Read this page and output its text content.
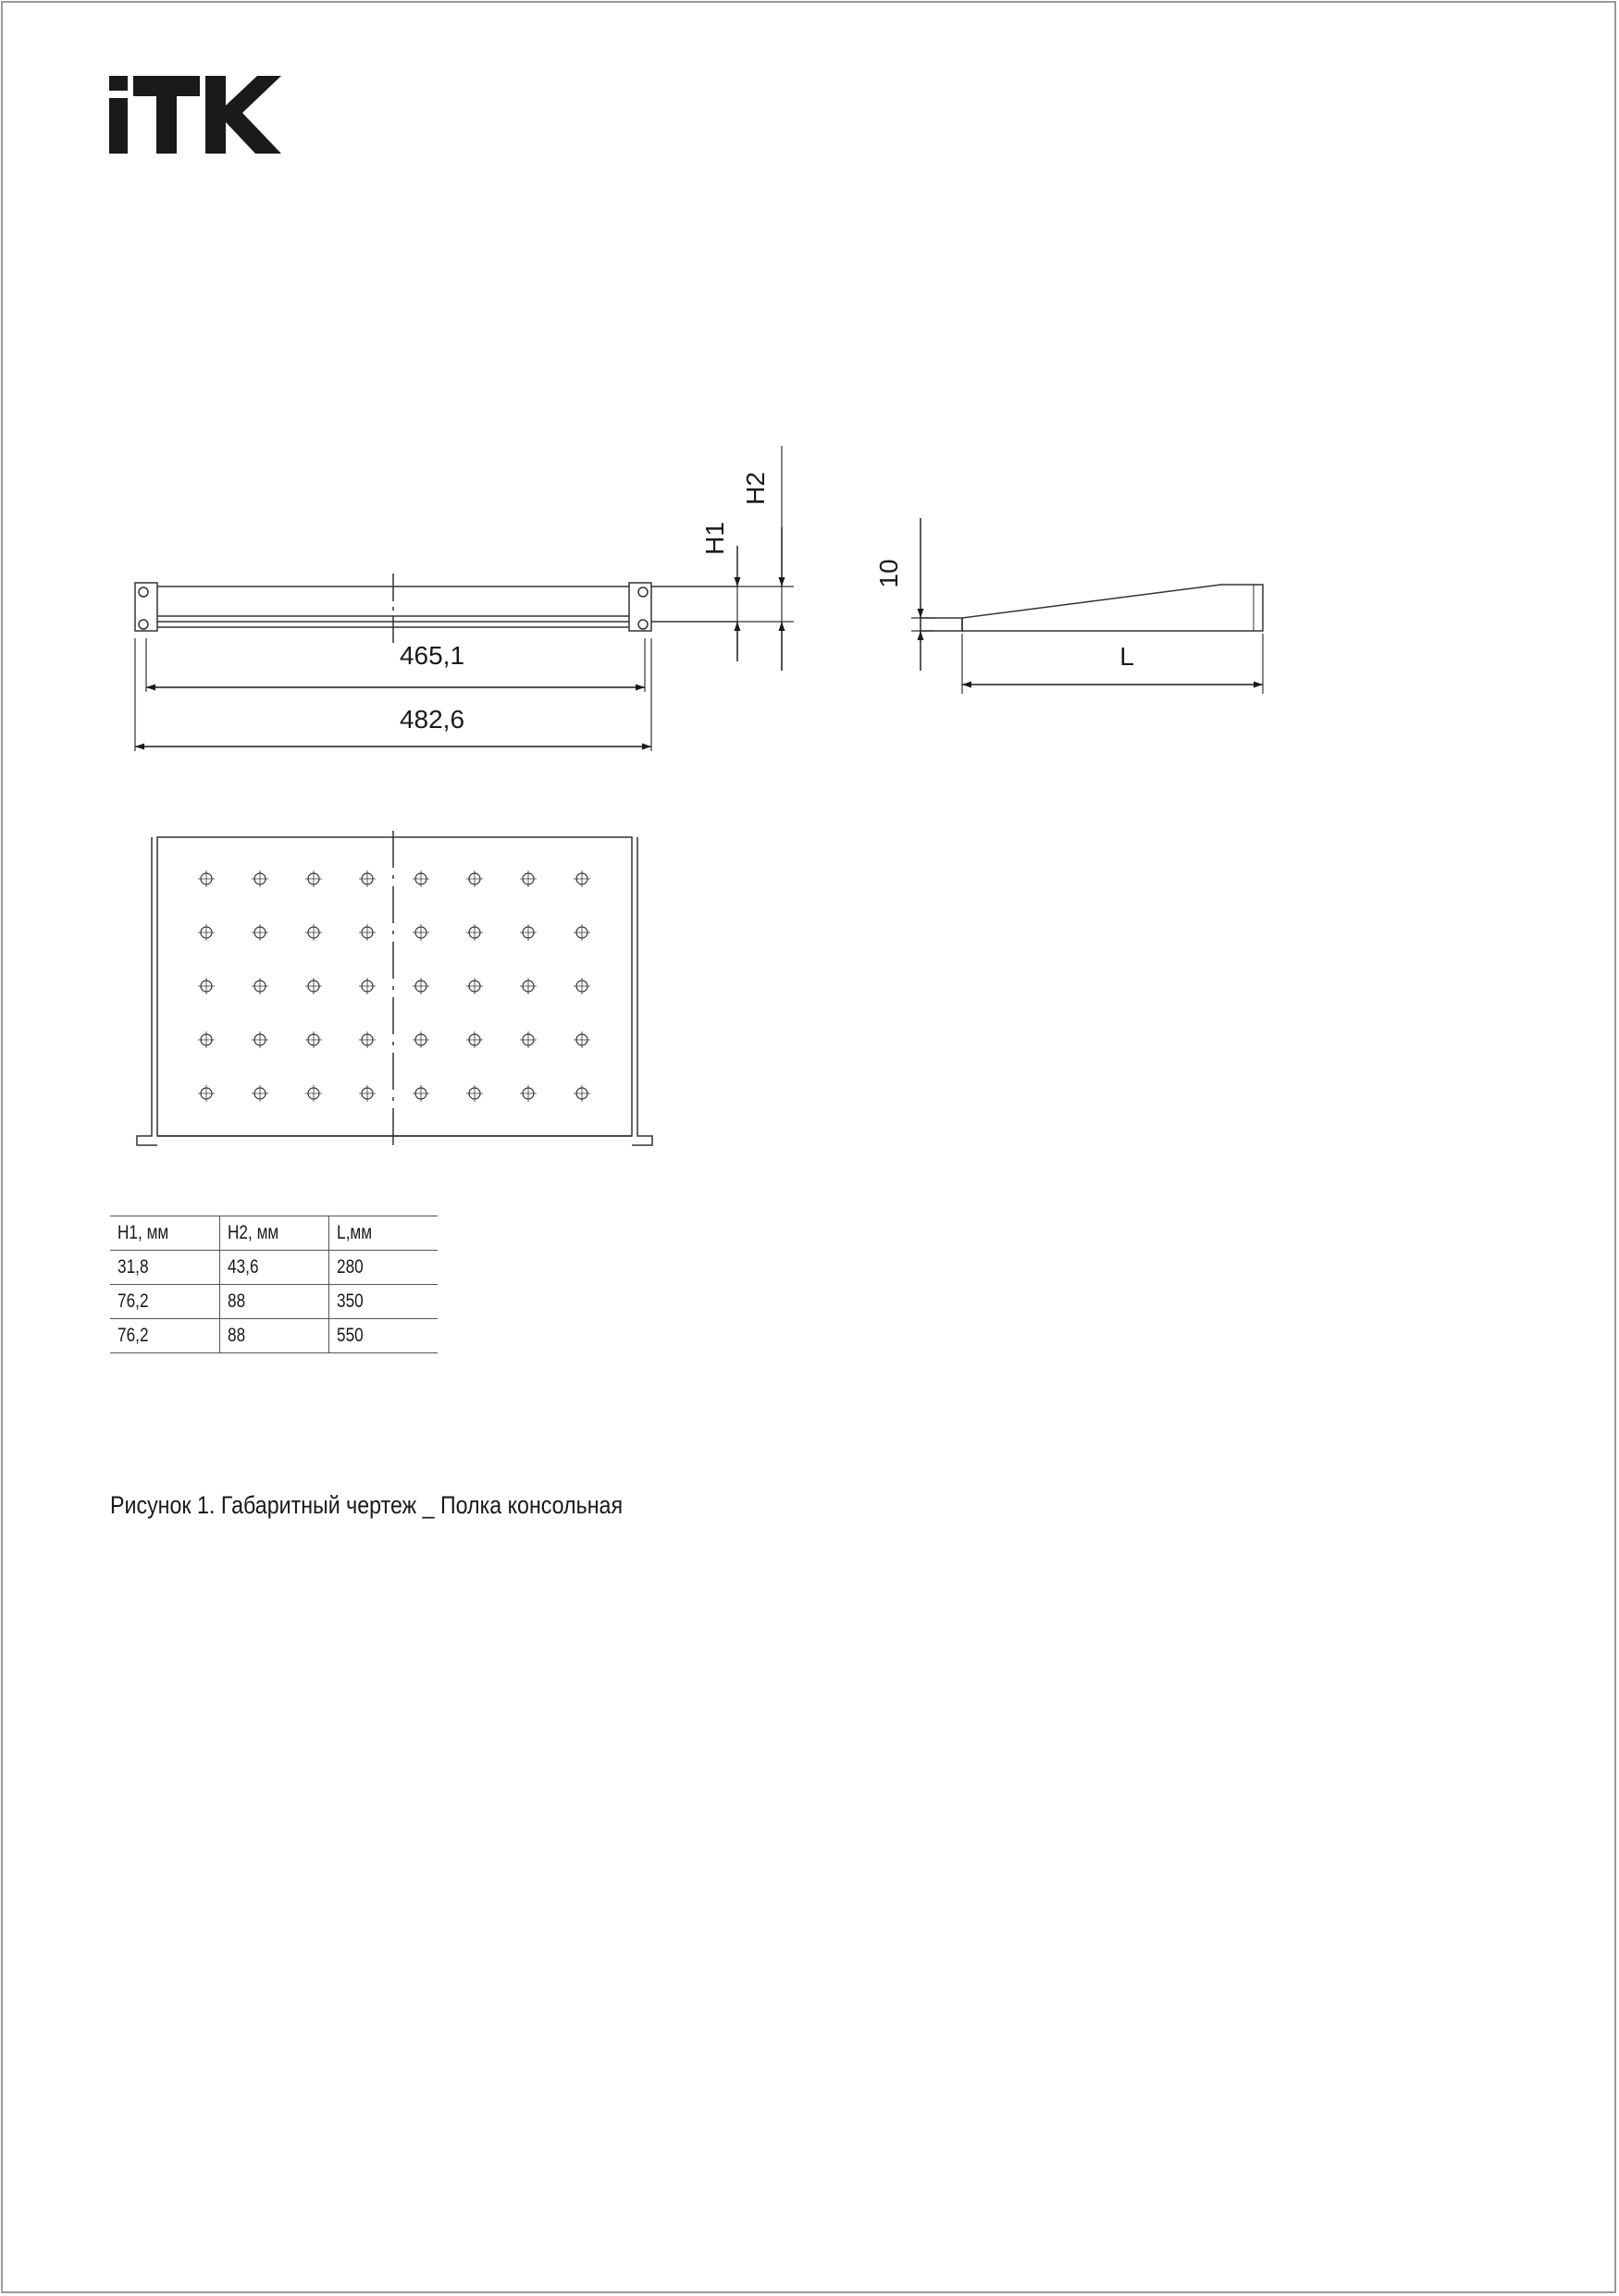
465,1
482,6
H1
H2
10
L
H1, мм	H2, мм	L,мм
31,8	43,6	280
76,2	88	350
76,2	88	550
Рисунок 1. Габаритный чертеж _ Полка консольная
